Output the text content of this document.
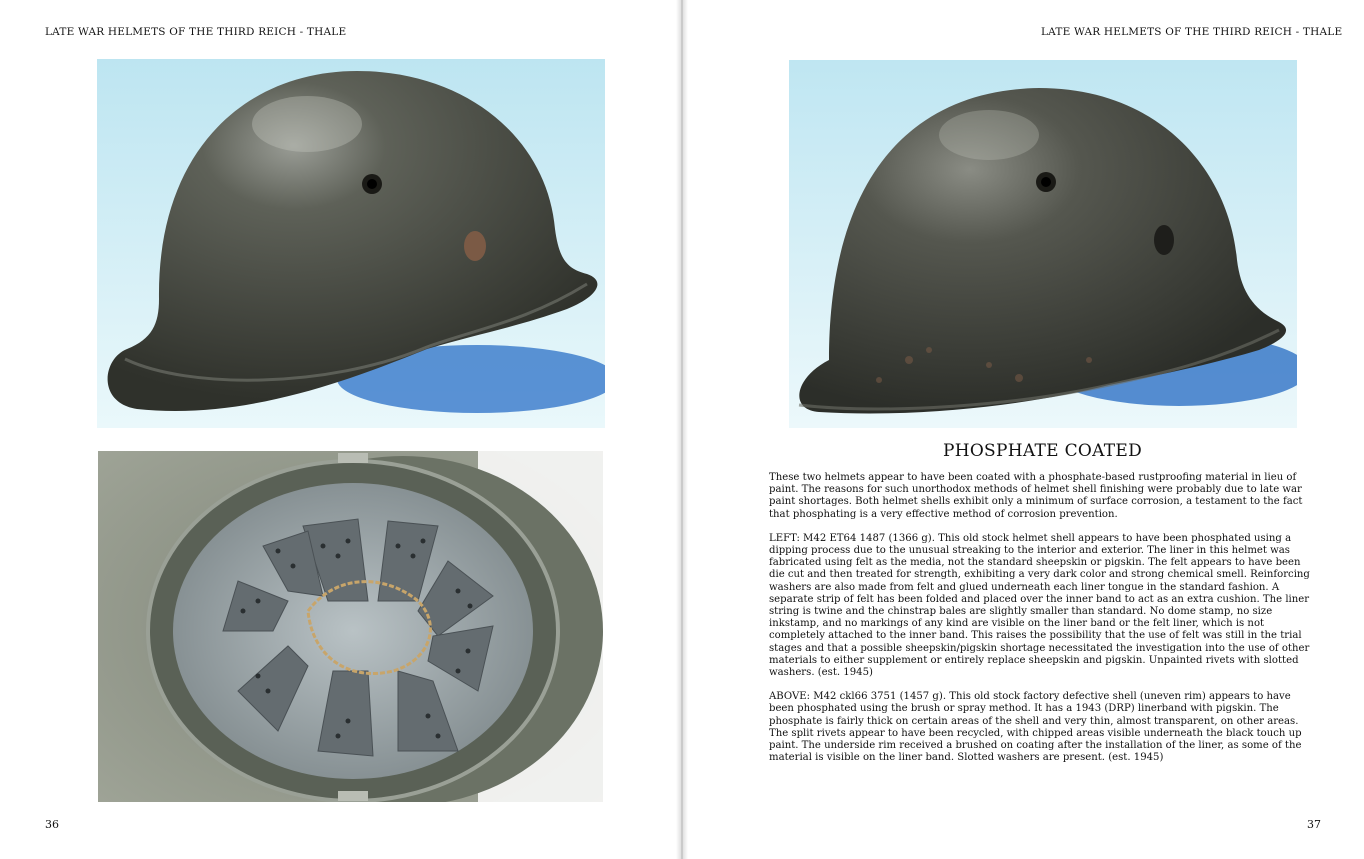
LATE WAR HELMETS OF THE THIRD REICH - THALE
36
LATE WAR HELMETS OF THE THIRD REICH - THALE
PHOSPHATE COATED

These two helmets appear to have been coated with a phosphate-based rustproofing material in lieu of paint. The reasons for such unorthodox methods of helmet shell finishing were probably due to late war paint shortages. Both helmet shells exhibit only a minimum of surface corrosion, a testament to the fact that phosphating is a very effective method of corrosion prevention.

LEFT: M42 ET64 1487 (1366 g). This old stock helmet shell appears to have been phosphated using a dipping process due to the unusual streaking to the interior and exterior. The liner in this helmet was fabricated using felt as the media, not the standard sheepskin or pigskin. The felt appears to have been die cut and then treated for strength, exhibiting a very dark color and strong chemical smell. Reinforcing washers are also made from felt and glued underneath each liner tongue in the standard fashion. A separate strip of felt has been folded and placed over the inner band to act as an extra cushion. The liner string is twine and the chinstrap bales are slightly smaller than standard. No dome stamp, no size inkstamp, and no markings of any kind are visible on the liner band or the felt liner, which is not completely attached to the inner band. This raises the possibility that the use of felt was still in the trial stages and that a possible sheepskin/pigskin shortage necessitated the investigation into the use of other materials to either supplement or entirely replace sheepskin and pigskin. Unpainted rivets with slotted washers. (est. 1945)

ABOVE: M42 ckl66 3751 (1457 g). This old stock factory defective shell (uneven rim) appears to have been phosphated using the brush or spray method. It has a 1943 (DRP) linerband with pigskin. The phosphate is fairly thick on certain areas of the shell and very thin, almost transparent, on other areas. The split rivets appear to have been recycled, with chipped areas visible underneath the black touch up paint. The underside rim received a brushed on coating after the installation of the liner, as some of the material is visible on the liner band. Slotted washers are present. (est. 1945)

37
